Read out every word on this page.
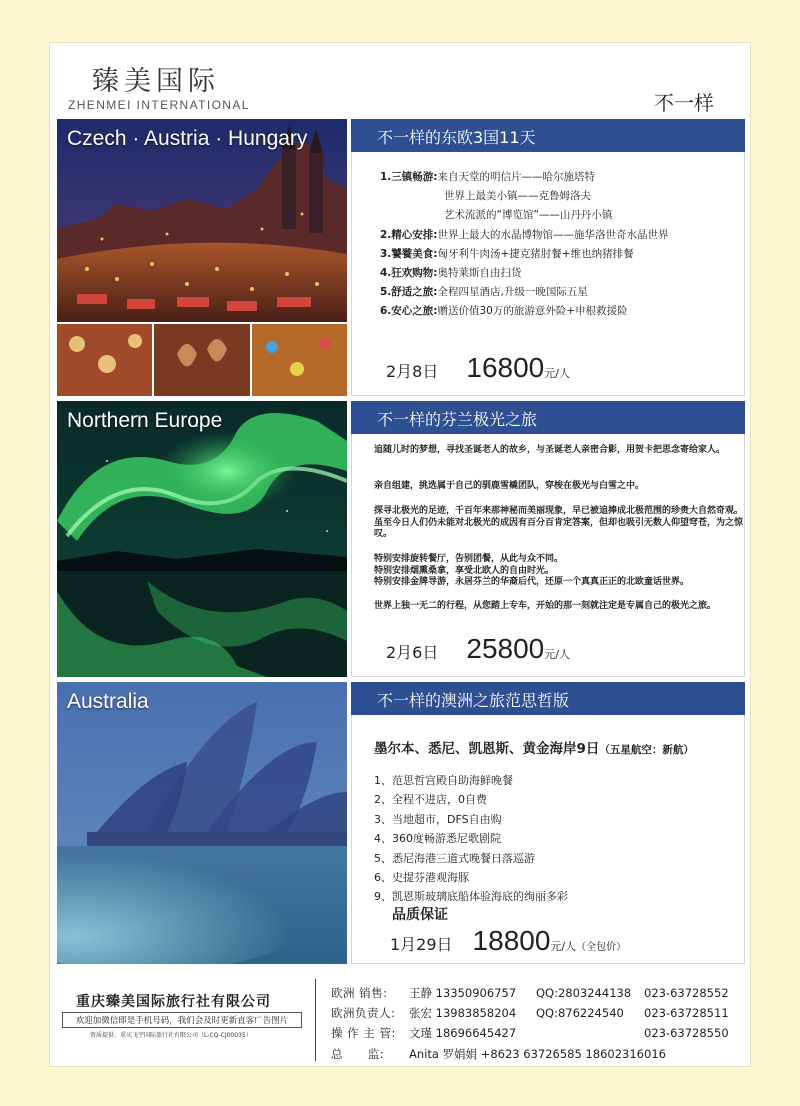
臻美国际
ZHENMEI INTERNATIONAL	不一样
Czech · Austria · Hungary	不一样的东欧3国11天
1.三镇畅游:来自天堂的明信片——哈尔施塔特
世界上最美小镇——克鲁姆洛夫
艺术流派的“博览馆”——山丹丹小镇
2.精心安排:世界上最大的水晶博物馆——施华洛世奇水晶世界
3.饕餮美食:匈牙利牛肉汤+捷克猪肘餐+维也纳猪排餐
4.狂欢购物:奥特莱斯自由扫货
5.舒适之旅:全程四星酒店,升级一晚国际五星
6.安心之旅:赠送价值30万的旅游意外险+申根救援险
2月8日 16800元/人
Northern Europe	不一样的芬兰极光之旅
追随儿时的梦想，寻找圣诞老人的故乡，与圣诞老人亲密合影，用贺卡把思念寄给家人。
亲自组建，挑选属于自己的驯鹿雪橇团队，穿梭在极光与白雪之中。
探寻北极光的足迹，千百年来那神秘而美丽现象，早已被追捧成北极范围的珍贵大自然奇观。虽至今日人们仍未能对北极光的成因有百分百肯定答案，但却也吸引无数人仰望穹苍，为之惊叹。
特别安排旋转餐厅，告别团餐，从此与众不同。
特别安排烟熏桑拿，享受北欧人的自由时光。
特别安排金牌导游，永居芬兰的华裔后代，还原一个真真正正的北欧童话世界。
世界上独一无二的行程，从您踏上专车，开始的那一刻就注定是专属自己的极光之旅。
2月6日 25800元/人
Australia	不一样的澳洲之旅范思哲版
墨尔本、悉尼、凯恩斯、黄金海岸9日（五星航空：新航）
1、范思哲宫殿自助海鲜晚餐
2、全程不进店，0自费
3、当地超市，DFS自由购
4、360度畅游悉尼歌剧院
5、悉尼海港三道式晚餐日落巡游
6、史提芬港观海豚
9、凯恩斯玻璃底船体验海底的绚丽多彩
品质保证
1月29日 18800元/人（全包价）
重庆臻美国际旅行社有限公司
欢迎加微信即是手机号码，我们会及时更新直客广告图片
资质提供：重庆飞宇国际旅行社有限公司（L-CQ-CJ00035）
欧洲 销售: 王静 13350906757 QQ:2803244138 023-63728552
欧洲负责人: 张宏 13983858204 QQ:876224540 023-63728511
操 作 主 管: 文瑾 18696645427	023-63728550
总      监: Anita 罗娟娟 +8623 63726585 18602316016
